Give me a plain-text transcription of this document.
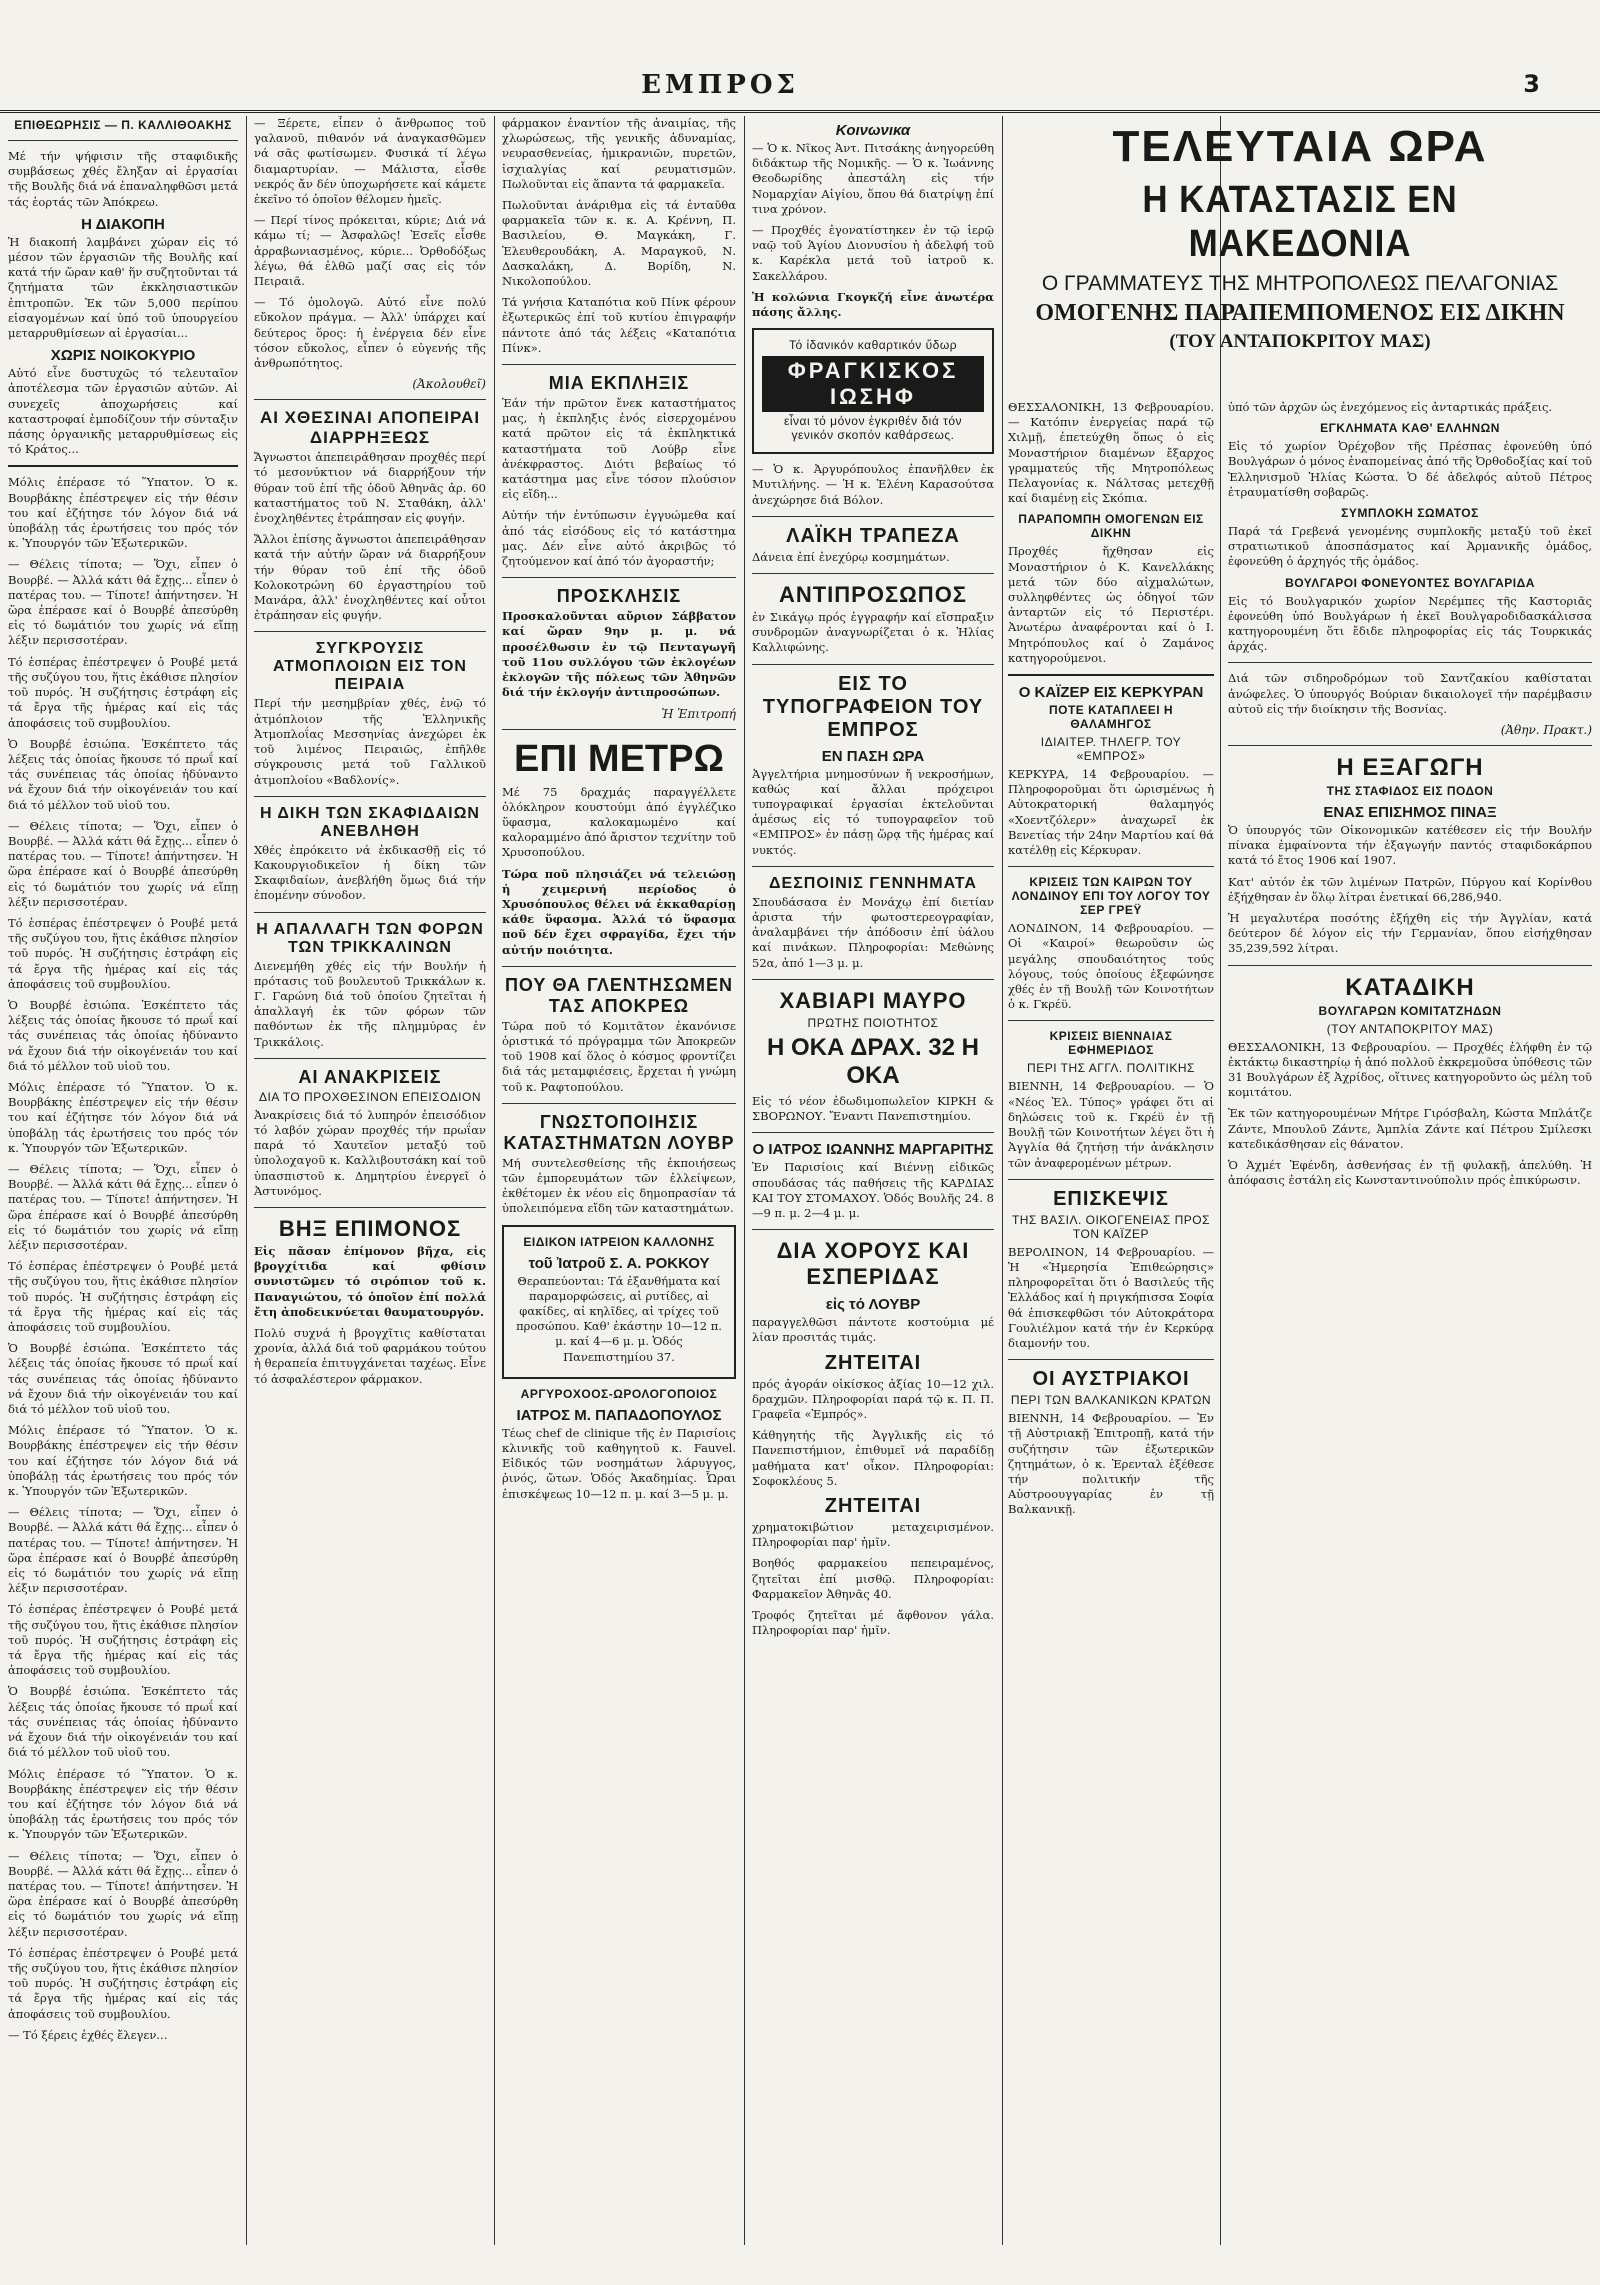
ΕΜΠΡΟΣ	3
ΕΠΙΘΕΩΡΗΣΙΣ — Π. ΚΑΛΛΙΘΟΑΚΗΣ

Μέ τήν ψήφισιν τῆς σταφιδικῆς συμβάσεως χθές ἔληξαν αἱ ἐργασίαι τῆς Βουλῆς διά νά ἐπαναληφθῶσι μετά τάς ἑορτάς τῶν Ἀπόκρεω.

Η ΔΙΑΚΟΠΗ

Ἡ διακοπή λαμβάνει χώραν εἰς τό μέσον τῶν ἐργασιῶν τῆς Βουλῆς καί κατά τήν ὥραν καθ' ἥν συζητοῦνται τά ζητήματα τῶν ἐκκλησιαστικῶν ἐπιτροπῶν. Ἐκ τῶν 5,000 περίπου εἰσαγομένων καί ὑπό τοῦ ὑπουργείου μεταρρυθμίσεων αἱ ἐργασίαι...

ΧΩΡΙΣ ΝΟΙΚΟΚΥΡΙΟ

Αὐτό εἶνε δυστυχῶς τό τελευταῖον ἀποτέλεσμα τῶν ἐργασιῶν αὐτῶν. Αἱ συνεχεῖς ἀποχωρήσεις καί καταστροφαί ἐμποδίζουν τήν σύνταξιν πάσης ὀργανικῆς μεταρρυθμίσεως εἰς τό Κράτος...

Μόλις ἐπέρασε τό Ὕπατον. Ὁ κ. Βουρβάκης ἐπέστρεψεν εἰς τήν θέσιν του καί ἐζήτησε τόν λόγον διά νά ὑποβάλῃ τάς ἐρωτήσεις του πρός τόν κ. Ὑπουργόν τῶν Ἐξωτερικῶν.

— Θέλεις τίποτα; — Ὅχι, εἶπεν ὁ Βουρβέ. — Ἀλλά κάτι θά ἔχῃς... εἶπεν ὁ πατέρας του. — Τίποτε! ἀπήντησεν. Ἡ ὥρα ἐπέρασε καί ὁ Βουρβέ ἀπεσύρθη εἰς τό δωμάτιόν του χωρίς νά εἴπῃ λέξιν περισσοτέραν.

Τό ἑσπέρας ἐπέστρεψεν ὁ Ρουβέ μετά τῆς συζύγου του, ἥτις ἐκάθισε πλησίον τοῦ πυρός. Ἡ συζήτησις ἐστράφη εἰς τά ἔργα τῆς ἡμέρας καί εἰς τάς ἀποφάσεις τοῦ συμβουλίου.

Ὁ Βουρβέ ἐσιώπα. Ἐσκέπτετο τάς λέξεις τάς ὁποίας ἤκουσε τό πρωΐ καί τάς συνέπειας τάς ὁποίας ἠδύναντο νά ἔχουν διά τήν οἰκογένειάν του καί διά τό μέλλον τοῦ υἱοῦ του.

— Θέλεις τίποτα; — Ὅχι, εἶπεν ὁ Βουρβέ. — Ἀλλά κάτι θά ἔχῃς... εἶπεν ὁ πατέρας του. — Τίποτε! ἀπήντησεν. Ἡ ὥρα ἐπέρασε καί ὁ Βουρβέ ἀπεσύρθη εἰς τό δωμάτιόν του χωρίς νά εἴπῃ λέξιν περισσοτέραν.

Τό ἑσπέρας ἐπέστρεψεν ὁ Ρουβέ μετά τῆς συζύγου του, ἥτις ἐκάθισε πλησίον τοῦ πυρός. Ἡ συζήτησις ἐστράφη εἰς τά ἔργα τῆς ἡμέρας καί εἰς τάς ἀποφάσεις τοῦ συμβουλίου.

Ὁ Βουρβέ ἐσιώπα. Ἐσκέπτετο τάς λέξεις τάς ὁποίας ἤκουσε τό πρωΐ καί τάς συνέπειας τάς ὁποίας ἠδύναντο νά ἔχουν διά τήν οἰκογένειάν του καί διά τό μέλλον τοῦ υἱοῦ του.

Μόλις ἐπέρασε τό Ὕπατον. Ὁ κ. Βουρβάκης ἐπέστρεψεν εἰς τήν θέσιν του καί ἐζήτησε τόν λόγον διά νά ὑποβάλῃ τάς ἐρωτήσεις του πρός τόν κ. Ὑπουργόν τῶν Ἐξωτερικῶν.

— Θέλεις τίποτα; — Ὅχι, εἶπεν ὁ Βουρβέ. — Ἀλλά κάτι θά ἔχῃς... εἶπεν ὁ πατέρας του. — Τίποτε! ἀπήντησεν. Ἡ ὥρα ἐπέρασε καί ὁ Βουρβέ ἀπεσύρθη εἰς τό δωμάτιόν του χωρίς νά εἴπῃ λέξιν περισσοτέραν.

Τό ἑσπέρας ἐπέστρεψεν ὁ Ρουβέ μετά τῆς συζύγου του, ἥτις ἐκάθισε πλησίον τοῦ πυρός. Ἡ συζήτησις ἐστράφη εἰς τά ἔργα τῆς ἡμέρας καί εἰς τάς ἀποφάσεις τοῦ συμβουλίου.

Ὁ Βουρβέ ἐσιώπα. Ἐσκέπτετο τάς λέξεις τάς ὁποίας ἤκουσε τό πρωΐ καί τάς συνέπειας τάς ὁποίας ἠδύναντο νά ἔχουν διά τήν οἰκογένειάν του καί διά τό μέλλον τοῦ υἱοῦ του.

Μόλις ἐπέρασε τό Ὕπατον. Ὁ κ. Βουρβάκης ἐπέστρεψεν εἰς τήν θέσιν του καί ἐζήτησε τόν λόγον διά νά ὑποβάλῃ τάς ἐρωτήσεις του πρός τόν κ. Ὑπουργόν τῶν Ἐξωτερικῶν.

— Θέλεις τίποτα; — Ὅχι, εἶπεν ὁ Βουρβέ. — Ἀλλά κάτι θά ἔχῃς... εἶπεν ὁ πατέρας του. — Τίποτε! ἀπήντησεν. Ἡ ὥρα ἐπέρασε καί ὁ Βουρβέ ἀπεσύρθη εἰς τό δωμάτιόν του χωρίς νά εἴπῃ λέξιν περισσοτέραν.

Τό ἑσπέρας ἐπέστρεψεν ὁ Ρουβέ μετά τῆς συζύγου του, ἥτις ἐκάθισε πλησίον τοῦ πυρός. Ἡ συζήτησις ἐστράφη εἰς τά ἔργα τῆς ἡμέρας καί εἰς τάς ἀποφάσεις τοῦ συμβουλίου.

Ὁ Βουρβέ ἐσιώπα. Ἐσκέπτετο τάς λέξεις τάς ὁποίας ἤκουσε τό πρωΐ καί τάς συνέπειας τάς ὁποίας ἠδύναντο νά ἔχουν διά τήν οἰκογένειάν του καί διά τό μέλλον τοῦ υἱοῦ του.

Μόλις ἐπέρασε τό Ὕπατον. Ὁ κ. Βουρβάκης ἐπέστρεψεν εἰς τήν θέσιν του καί ἐζήτησε τόν λόγον διά νά ὑποβάλῃ τάς ἐρωτήσεις του πρός τόν κ. Ὑπουργόν τῶν Ἐξωτερικῶν.

— Θέλεις τίποτα; — Ὅχι, εἶπεν ὁ Βουρβέ. — Ἀλλά κάτι θά ἔχῃς... εἶπεν ὁ πατέρας του. — Τίποτε! ἀπήντησεν. Ἡ ὥρα ἐπέρασε καί ὁ Βουρβέ ἀπεσύρθη εἰς τό δωμάτιόν του χωρίς νά εἴπῃ λέξιν περισσοτέραν.

Τό ἑσπέρας ἐπέστρεψεν ὁ Ρουβέ μετά τῆς συζύγου του, ἥτις ἐκάθισε πλησίον τοῦ πυρός. Ἡ συζήτησις ἐστράφη εἰς τά ἔργα τῆς ἡμέρας καί εἰς τάς ἀποφάσεις τοῦ συμβουλίου.

— Τό ξέρεις ἐχθές ἔλεγεν...

— Ξέρετε, εἶπεν ὁ ἄνθρωπος τοῦ γαλανοῦ, πιθανόν νά ἀναγκασθῶμεν νά σᾶς φωτίσωμεν. Φυσικά τί λέγω διαμαρτυρίαν. — Μάλιστα, εἶσθε νεκρός ἄν δέν ὑποχωρήσετε καί κάμετε ἐκεῖνο τό ὁποῖον θέλομεν ἡμεῖς.

— Περί τίνος πρόκειται, κύριε; Διά νά κάμω τί; — Ἀσφαλῶς! Ἐσεῖς εἶσθε ἀρραβωνιασμένος, κύριε... Ὀρθοδόξως λέγω, θά ἐλθῶ μαζί σας εἰς τόν Πειραιᾶ.

— Τό ὁμολογῶ. Αὐτό εἶνε πολύ εὔκολον πράγμα. — Ἀλλ' ὑπάρχει καί δεύτερος ὅρος: ἡ ἐνέργεια δέν εἶνε τόσον εὔκολος, εἶπεν ὁ εὐγενής τῆς ἀνθρωπότητος.

(Ἀκολουθεῖ)
ΑΙ ΧΘΕΣΙΝΑΙ ΑΠΟΠΕΙΡΑΙ ΔΙΑΡΡΗΞΕΩΣ

Ἄγνωστοι ἀπεπειράθησαν προχθές περί τό μεσονύκτιον νά διαρρήξουν τήν θύραν τοῦ ἐπί τῆς ὁδοῦ Ἀθηνᾶς ἀρ. 60 καταστήματος τοῦ Ν. Σταθάκη, ἀλλ' ἐνοχληθέντες ἐτράπησαν εἰς φυγήν.

Ἄλλοι ἐπίσης ἄγνωστοι ἀπεπειράθησαν κατά τήν αὐτήν ὥραν νά διαρρήξουν τήν θύραν τοῦ ἐπί τῆς ὁδοῦ Κολοκοτρώνη 60 ἐργαστηρίου τοῦ Μανάρα, ἀλλ' ἐνοχληθέντες καί οὗτοι ἐτράπησαν εἰς φυγήν.

ΣΥΓΚΡΟΥΣΙΣ ΑΤΜΟΠΛΟΙΩΝ ΕΙΣ ΤΟΝ ΠΕΙΡΑΙΑ

Περί τήν μεσημβρίαν χθές, ἐνῷ τό ἀτμόπλοιον τῆς Ἑλληνικῆς Ἀτμοπλοΐας Μεσσηνίας ἀνεχώρει ἐκ τοῦ λιμένος Πειραιῶς, ἐπῆλθε σύγκρουσις μετά τοῦ Γαλλικοῦ ἀτμοπλοίου «Βαδλονίς».

Η ΔΙΚΗ ΤΩΝ ΣΚΑΦΙΔΑΙΩΝ ΑΝΕΒΛΗΘΗ

Χθές ἐπρόκειτο νά ἐκδικασθῇ εἰς τό Κακουργιοδικεῖον ἡ δίκη τῶν Σκαφιδαίων, ἀνεβλήθη ὅμως διά τήν ἑπομένην σύνοδον.

Η ΑΠΑΛΛΑΓΗ ΤΩΝ ΦΟΡΩΝ ΤΩΝ ΤΡΙΚΚΑΛΙΝΩΝ

Διενεμήθη χθές εἰς τήν Βουλήν ἡ πρότασις τοῦ βουλευτοῦ Τρικκάλων κ. Γ. Γαρώνη διά τοῦ ὁποίου ζητεῖται ἡ ἀπαλλαγή ἐκ τῶν φόρων τῶν παθόντων ἐκ τῆς πλημμύρας ἐν Τρικκάλοις.

ΑΙ ΑΝΑΚΡΙΣΕΙΣ
ΔΙΑ ΤΟ ΠΡΟΧΘΕΣΙΝΟΝ ΕΠΕΙΣΟΔΙΟΝ

Ἀνακρίσεις διά τό λυπηρόν ἐπεισόδιον τό λαβόν χώραν προχθές τήν πρωΐαν παρά τό Χαυτεῖον μεταξύ τοῦ ὑπολοχαγοῦ κ. Καλλιβουτσάκη καί τοῦ ὑπασπιστοῦ κ. Δημητρίου ἐνεργεῖ ὁ Ἀστυνόμος.

ΒΗΞ ΕΠΙΜΟΝΟΣ

Εἰς πᾶσαν ἐπίμονον βῆχα, εἰς βρογχίτιδα καί φθίσιν συνιστῶμεν τό σιρόπιον τοῦ κ. Παναγιώτου, τό ὁποῖον ἐπί πολλά ἔτη ἀποδεικνύεται θαυματουργόν.

Πολύ συχνά ἡ βρογχῖτις καθίσταται χρονία, ἀλλά διά τοῦ φαρμάκου τούτου ἡ θεραπεία ἐπιτυγχάνεται ταχέως. Εἶνε τό ἀσφαλέστερον φάρμακον.

φάρμακον ἐναντίον τῆς ἀναιμίας, τῆς χλωρώσεως, τῆς γενικῆς ἀδυναμίας, νευρασθενείας, ἡμικρανιῶν, πυρετῶν, ἰσχιαλγίας καί ρευματισμῶν. Πωλοῦνται εἰς ἅπαντα τά φαρμακεῖα.

Πωλοῦνται ἀνάριθμα εἰς τά ἑνταῦθα φαρμακεῖα τῶν κ. κ. Α. Κρέννη, Π. Βασιλείου, Θ. Μαγκάκη, Γ. Ἐλευθερουδάκη, Α. Μαραγκοῦ, Ν. Δασκαλάκη, Δ. Βορίδη, Ν. Νικολοπούλου.

Τά γνήσια Καταπότια κοῦ Πίνκ φέρουν ἐξωτερικῶς ἐπί τοῦ κυτίου ἐπιγραφήν πάντοτε ἀπό τάς λέξεις «Καταπότια Πίνκ».

ΜΙΑ ΕΚΠΛΗΞΙΣ

Ἐάν τήν πρῶτον ἔνεκ καταστήματος μας, ἡ ἐκπληξις ἐνός εἰσερχομένου κατά πρῶτον εἰς τά ἐκπληκτικά καταστήματα τοῦ Λούβρ εἶνε ἀνέκφραστος. Διότι βεβαίως τό κατάστημα μας εἶνε τόσον πλούσιον εἰς εἴδη...

Αὐτήν τήν ἐντύπωσιν ἐγγυώμεθα καί ἀπό τάς εἰσόδους εἰς τό κατάστημα μας. Δέν εἶνε αὐτό ἀκριβῶς τό ζητούμενον καί ἀπό τόν ἀγοραστήν;

ΠΡΟΣΚΛΗΣΙΣ

Προσκαλοῦνται αὔριον Σάββατον καί ὥραν 9ην μ. μ. νά προσέλθωσιν ἐν τῷ Πενταγωγῆ τοῦ 11ου συλλόγου τῶν ἐκλογέων ἐκλογῶν τῆς πόλεως τῶν Ἀθηνῶν διά τήν ἐκλογήν ἀντιπροσώπων.

Ἡ Ἐπιτροπή
ΕΠΙ ΜΕΤΡΩ

Μέ 75 δραχμάς παραγγέλλετε ὁλόκληρον κουστούμι ἀπό ἐγγλέζικο ὕφασμα, καλοκαμωμένο καί καλοραμμένο ἀπό ἄριστον τεχνίτην τοῦ Χρυσοπούλου.

Τώρα ποῦ πλησιάζει νά τελειώσῃ ἡ χειμερινή περίοδος ὁ Χρυσόπουλος θέλει νά ἐκκαθαρίσῃ κάθε ὕφασμα. Ἀλλά τό ὕφασμα ποῦ δέν ἔχει σφραγίδα, ἔχει τήν αὐτήν ποιότητα.

ΠΟΥ ΘΑ ΓΛΕΝΤΗΣΩΜΕΝ ΤΑΣ ΑΠΟΚΡΕΩ

Τώρα ποῦ τό Κομιτᾶτον ἐκανόνισε ὁριστικά τό πρόγραμμα τῶν Ἀποκρεῶν τοῦ 1908 καί ὅλος ὁ κόσμος φροντίζει διά τάς μεταμφιέσεις, ἔρχεται ἡ γνώμη τοῦ κ. Ραφτοπούλου.

ΓΝΩΣΤΟΠΟΙΗΣΙΣ ΚΑΤΑΣΤΗΜΑΤΩΝ ΛΟΥΒΡ

Μή συντελεσθείσης τῆς ἐκποιήσεως τῶν ἐμπορευμάτων τῶν ἐλλείψεων, ἐκθέτομεν ἐκ νέου εἰς δημοπρασίαν τά ὑπολειπόμενα εἴδη τῶν καταστημάτων.

ΕΙΔΙΚΟΝ ΙΑΤΡΕΙΟΝ ΚΑΛΛΟΝΗΣ
τοῦ Ἰατροῦ Σ. Α. ΡΟΚΚΟΥ

Θεραπεύονται: Τά ἐξανθήματα καί παραμορφώσεις, αἱ ρυτίδες, αἱ φακίδες, αἱ κηλῖδες, αἱ τρίχες τοῦ προσώπου. Καθ' ἑκάστην 10—12 π. μ. καί 4—6 μ. μ. Ὁδός Πανεπιστημίου 37.

ΑΡΓΥΡΟΧΟΟΣ-ΩΡΟΛΟΓΟΠΟΙΟΣ
ΙΑΤΡΟΣ Μ. ΠΑΠΑΔΟΠΟΥΛΟΣ

Τέως chef de clinique τῆς ἐν Παρισίοις κλινικῆς τοῦ καθηγητοῦ κ. Fauvel. Εἰδικός τῶν νοσημάτων λάρυγγος, ῥινός, ὤτων. Ὁδός Ἀκαδημίας. Ὧραι ἐπισκέψεως 10—12 π. μ. καί 3—5 μ. μ.

Κοινωνικα

— Ὁ κ. Νῖκος Ἀντ. Πιτσάκης ἀνηγορεύθη διδάκτωρ τῆς Νομικῆς. — Ὁ κ. Ἰωάννης Θεοδωρίδης ἀπεστάλη εἰς τήν Νομαρχίαν Αἰγίου, ὅπου θά διατρίψῃ ἐπί τινα χρόνον.

— Προχθές ἐγονατίστηκεν ἐν τῷ ἱερῷ ναῷ τοῦ Ἁγίου Διονυσίου ἡ ἀδελφή τοῦ κ. Καρέκλα μετά τοῦ ἰατροῦ κ. Σακελλάρου.

Ἡ κολώνια Γκογκζή εἶνε ἀνωτέρα πάσης ἄλλης.

Τό ἰδανικόν καθαρτικόν ὕδωρ
ΦΡΑΓΚΙΣΚΟΣ ΙΩΣΗΦ
εἶναι τό μόνον ἐγκριθέν διά τόν γενικόν σκοπόν καθάρσεως.

— Ὁ κ. Ἀργυρόπουλος ἐπανῆλθεν ἐκ Μυτιλήνης. — Ἡ κ. Ἐλένη Καρασούτσα ἀνεχώρησε διά Βόλον.

ΛΑΪΚΗ ΤΡΑΠΕΖΑ

Δάνεια ἐπί ἐνεχύρῳ κοσμημάτων.

ΑΝΤΙΠΡΟΣΩΠΟΣ

ἐν Σικάγῳ πρός ἐγγραφήν καί εἴσπραξιν συνδρομῶν ἀναγνωρίζεται ὁ κ. Ἠλίας Καλλιφώνης.

ΕΙΣ ΤΟ ΤΥΠΟΓΡΑΦΕΙΟΝ ΤΟΥ ΕΜΠΡΟΣ
ΕΝ ΠΑΣΗ ΩΡΑ

Ἀγγελτήρια μνημοσύνων ἤ νεκροσήμων, καθώς καί ἄλλαι πρόχειροι τυπογραφικαί ἐργασίαι ἐκτελοῦνται ἀμέσως εἰς τό τυπογραφεῖον τοῦ «ΕΜΠΡΟΣ» ἐν πάσῃ ὥρᾳ τῆς ἡμέρας καί νυκτός.

ΔΕΣΠΟΙΝΙΣ ΓΕΝΝΗΜΑΤΑ

Σπουδάσασα ἐν Μονάχῳ ἐπί διετίαν ἀριστα τήν φωτοστερεογραφίαν, ἀναλαμβάνει τήν ἀπόδοσιν ἐπί ὑάλου καί πινάκων. Πληροφορίαι: Μεθώνης 52α, ἀπό 1—3 μ. μ.

ΧΑΒΙΑΡΙ ΜΑΥΡΟ
ΠΡΩΤΗΣ ΠΟΙΟΤΗΤΟΣ
Η ΟΚΑ ΔΡΑΧ. 32 Η ΟΚΑ

Εἰς τό νέον ἐδωδιμοπωλεῖον ΚΙΡΚΗ & ΣΒΟΡΩΝΟΥ. Ἔναντι Πανεπιστημίου.

Ο ΙΑΤΡΟΣ ΙΩΑΝΝΗΣ ΜΑΡΓΑΡΙΤΗΣ

Ἐν Παρισίοις καί Βιέννῃ εἰδικῶς σπουδάσας τάς παθήσεις τῆς ΚΑΡΔΙΑΣ ΚΑΙ ΤΟΥ ΣΤΟΜΑΧΟΥ. Ὁδός Βουλῆς 24. 8—9 π. μ. 2—4 μ. μ.

ΔΙΑ ΧΟΡΟΥΣ ΚΑΙ ΕΣΠΕΡΙΔΑΣ
εἰς τό ΛΟΥΒΡ

παραγγελθῶσι πάντοτε κοστούμια μέ λίαν προσιτάς τιμάς.

ΖΗΤΕΙΤΑΙ

πρός ἀγοράν οἰκίσκος ἀξίας 10—12 χιλ. δραχμῶν. Πληροφορίαι παρά τῷ κ. Π. Π. Γραφεῖα «Ἐμπρός».

Κάθηγητής τῆς Ἀγγλικῆς εἰς τό Πανεπιστήμιον, ἐπιθυμεῖ νά παραδίδῃ μαθήματα κατ' οἶκον. Πληροφορίαι: Σοφοκλέους 5.

ΖΗΤΕΙΤΑΙ

χρηματοκιβώτιον μεταχειρισμένον. Πληροφορίαι παρ' ἡμῖν.

Βοηθός φαρμακείου πεπειραμένος, ζητεῖται ἐπί μισθῷ. Πληροφορίαι: Φαρμακεῖον Ἀθηνᾶς 40.

Τροφός ζητεῖται μέ ἄφθονον γάλα. Πληροφορίαι παρ' ἡμῖν.

ΤΕΛΕΥΤΑΙΑ ΩΡΑ
Η ΚΑΤΑΣΤΑΣΙΣ ΕΝ ΜΑΚΕΔΟΝΙΑ
Ο ΓΡΑΜΜΑΤΕΥΣ ΤΗΣ ΜΗΤΡΟΠΟΛΕΩΣ ΠΕΛΑΓΟΝΙΑΣ
ΟΜΟΓΕΝΗΣ ΠΑΡΑΠΕΜΠΟΜΕΝΟΣ ΕΙΣ ΔΙΚΗΝ
(ΤΟΥ ΑΝΤΑΠΟΚΡΙΤΟΥ ΜΑΣ)

ΘΕΣΣΑΛΟΝΙΚΗ, 13 Φεβρουαρίου. — Κατόπιν ἐνεργείας παρά τῷ Χιλμῇ, ἐπετεύχθη ὅπως ὁ εἰς Μοναστήριον διαμένων ἔξαρχος γραμματεύς τῆς Μητροπόλεως Πελαγονίας κ. Νάλτσας μετεχθῇ καί διαμένῃ εἰς Σκόπια.

ΠΑΡΑΠΟΜΠΗ ΟΜΟΓΕΝΩΝ ΕΙΣ ΔΙΚΗΝ

Προχθές ἤχθησαν εἰς Μοναστήριον ὁ Κ. Κανελλάκης μετά τῶν δύο αἰχμαλώτων, συλληφθέντες ὡς ὁδηγοί τῶν ἀνταρτῶν εἰς τό Περιστέρι. Ἀνωτέρω ἀναφέρονται καί ὁ Ι. Μητρόπουλος καί ὁ Ζαμάνος κατηγορούμενοι.

Ο ΚΑΪΖΕΡ ΕΙΣ ΚΕΡΚΥΡΑΝ
ΠΟΤΕ ΚΑΤΑΠΛΕΕΙ Η ΘΑΛΑΜΗΓΟΣ
ΙΔΙΑΙΤΕΡ. ΤΗΛΕΓΡ. ΤΟΥ «ΕΜΠΡΟΣ»

ΚΕΡΚΥΡΑ, 14 Φεβρουαρίου. — Πληροφοροῦμαι ὅτι ὡρισμένως ἡ Αὐτοκρατορική θαλαμηγός «Χοεντζόλερν» ἀναχωρεῖ ἐκ Βενετίας τήν 24ην Μαρτίου καί θά κατέλθῃ εἰς Κέρκυραν.

ΚΡΙΣΕΙΣ ΤΩΝ ΚΑΙΡΩΝ ΤΟΥ ΛΟΝΔΙΝΟΥ ΕΠΙ ΤΟΥ ΛΟΓΟΥ ΤΟΥ ΣΕΡ ΓΡΕΫ

ΛΟΝΔΙΝΟΝ, 14 Φεβρουαρίου. — Οἱ «Καιροί» θεωροῦσιν ὡς μεγάλης σπουδαιότητος τούς λόγους, τούς ὁποίους ἐξεφώνησε χθές ἐν τῇ Βουλῇ τῶν Κοινοτήτων ὁ κ. Γκρέϋ.

ΚΡΙΣΕΙΣ ΒΙΕΝΝΑΙΑΣ ΕΦΗΜΕΡΙΔΟΣ
ΠΕΡΙ ΤΗΣ ΑΓΓΛ. ΠΟΛΙΤΙΚΗΣ

ΒΙΕΝΝΗ, 14 Φεβρουαρίου. — Ὁ «Νέος Ἐλ. Τύπος» γράφει ὅτι αἱ δηλώσεις τοῦ κ. Γκρέϋ ἐν τῇ Βουλῇ τῶν Κοινοτήτων λέγει ὅτι ἡ Ἀγγλία θά ζητήσῃ τήν ἀνάκλησιν τῶν ἀναφερομένων μέτρων.

ΕΠΙΣΚΕΨΙΣ
ΤΗΣ ΒΑΣΙΛ. ΟΙΚΟΓΕΝΕΙΑΣ ΠΡΟΣ ΤΟΝ ΚΑΪΖΕΡ

ΒΕΡΟΛΙΝΟΝ, 14 Φεβρουαρίου. — Ἡ «Ἡμερησία Ἐπιθεώρησις» πληροφορεῖται ὅτι ὁ Βασιλεύς τῆς Ἑλλάδος καί ἡ πριγκήπισσα Σοφία θά ἐπισκεφθῶσι τόν Αὐτοκράτορα Γουλιέλμον κατά τήν ἐν Κερκύρᾳ διαμονήν του.

ΟΙ ΑΥΣΤΡΙΑΚΟΙ
ΠΕΡΙ ΤΩΝ ΒΑΛΚΑΝΙΚΩΝ ΚΡΑΤΩΝ

ΒΙΕΝΝΗ, 14 Φεβρουαρίου. — Ἐν τῇ Αὐστριακῇ Ἐπιτροπῇ, κατά τήν συζήτησιν τῶν ἐξωτερικῶν ζητημάτων, ὁ κ. Ἐρενταλ ἐξέθεσε τήν πολιτικήν τῆς Αὐστροουγγαρίας ἐν τῇ Βαλκανικῇ.

ὑπό τῶν ἀρχῶν ὡς ἐνεχόμενος εἰς ἀνταρτικάς πράξεις.

ΕΓΚΛΗΜΑΤΑ ΚΑΘ' ΕΛΛΗΝΩΝ

Εἰς τό χωρίον Ὀρέχοβον τῆς Πρέσπας ἐφονεύθη ὑπό Βουλγάρων ὁ μόνος ἐναπομείνας ἀπό τῆς Ὀρθοδοξίας καί τοῦ Ἑλληνισμοῦ Ἠλίας Κώστα. Ὁ δέ ἀδελφός αὐτοῦ Πέτρος ἐτραυματίσθη σοβαρῶς.

ΣΥΜΠΛΟΚΗ ΣΩΜΑΤΟΣ

Παρά τά Γρεβενά γενομένης συμπλοκῆς μεταξύ τοῦ ἐκεῖ στρατιωτικοῦ ἀποσπάσματος καί Ἀρμανικῆς ὁμάδος, ἐφονεύθη ὁ ἀρχηγός τῆς ὁμάδος.

ΒΟΥΛΓΑΡΟΙ ΦΟΝΕΥΟΝΤΕΣ ΒΟΥΛΓΑΡΙΔΑ

Εἰς τό Βουλγαρικόν χωρίον Νερέμπες τῆς Καστοριᾶς ἐφονεύθη ὑπό Βουλγάρων ἡ ἐκεῖ Βουλγαροδιδασκάλισσα κατηγορουμένη ὅτι ἔδιδε πληροφορίας εἰς τάς Τουρκικάς ἀρχάς.

Διά τῶν σιδηροδρόμων τοῦ Σαντζακίου καθίσταται ἀνώφελες. Ὁ ὑπουργός Βούριαν δικαιολογεῖ τήν παρέμβασιν αὐτοῦ εἰς τήν διοίκησιν τῆς Βοσνίας.

(Ἀθην. Πρακτ.)
Η ΕΞΑΓΩΓΗ
ΤΗΣ ΣΤΑΦΙΔΟΣ ΕΙΣ ΠΟΔΟΝ
ΕΝΑΣ ΕΠΙΣΗΜΟΣ ΠΙΝΑΞ

Ὁ ὑπουργός τῶν Οἰκονομικῶν κατέθεσεν εἰς τήν Βουλήν πίνακα ἐμφαίνοντα τήν ἐξαγωγήν παντός σταφιδοκάρπου κατά τό ἔτος 1906 καί 1907.

Κατ' αὐτόν ἐκ τῶν λιμένων Πατρῶν, Πύργου καί Κορίνθου ἐξήχθησαν ἐν ὅλῳ λίτραι ἐνετικαί 66,286,940.

Ἡ μεγαλυτέρα ποσότης ἐξήχθη εἰς τήν Ἀγγλίαν, κατά δεύτερον δέ λόγον εἰς τήν Γερμανίαν, ὅπου εἰσήχθησαν 35,239,592 λίτραι.

ΚΑΤΑΔΙΚΗ
ΒΟΥΛΓΑΡΩΝ ΚΟΜΙΤΑΤΖΗΔΩΝ
(ΤΟΥ ΑΝΤΑΠΟΚΡΙΤΟΥ ΜΑΣ)

ΘΕΣΣΑΛΟΝΙΚΗ, 13 Φεβρουαρίου. — Προχθές ἐλήφθη ἐν τῷ ἐκτάκτῳ δικαστηρίῳ ἡ ἀπό πολλοῦ ἐκκρεμοῦσα ὑπόθεσις τῶν 31 Βουλγάρων ἐξ Ἀχρίδος, οἵτινες κατηγοροῦντο ὡς μέλη τοῦ κομιτάτου.

Ἐκ τῶν κατηγορουμένων Μήτρε Γιρόσβαλη, Κώστα Μπλάτζε Ζάντε, Μπουλοῦ Ζάντε, Ἀμπλία Ζάντε καί Πέτρου Σμίλεσκι κατεδικάσθησαν εἰς θάνατον.

Ὁ Ἀχμέτ Ἐφένδη, ἀσθενήσας ἐν τῇ φυλακῇ, ἀπελύθη. Ἡ ἀπόφασις ἐστάλη εἰς Κωνσταντινούπολιν πρός ἐπικύρωσιν.
